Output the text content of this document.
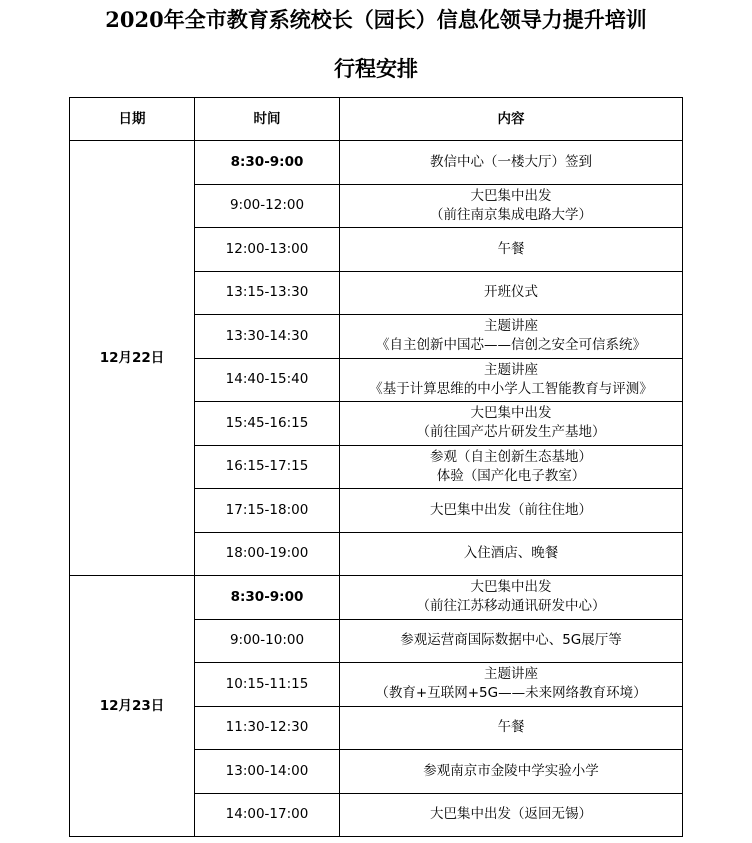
2020年全市教育系统校长（园长）信息化领导力提升培训
行程安排
日期	时间	内容
12月22日	8:30-9:00	教信中心（一楼大厅）签到

	9:00-12:00	大巴集中出发
（前往南京集成电路大学）

	12:00-13:00	午餐

	13:15-13:30	开班仪式

	13:30-14:30	主题讲座
《自主创新中国芯——信创之安全可信系统》

	14:40-15:40	主题讲座
《基于计算思维的中小学人工智能教育与评测》

	15:45-16:15	大巴集中出发
（前往国产芯片研发生产基地）

	16:15-17:15	参观（自主创新生态基地）
体验（国产化电子教室）

	17:15-18:00	大巴集中出发（前往住地）

	18:00-19:00	入住酒店、晚餐

12月23日	8:30-9:00	大巴集中出发
（前往江苏移动通讯研发中心）

	9:00-10:00	参观运营商国际数据中心、5G展厅等

	10:15-11:15	主题讲座
（教育+互联网+5G——未来网络教育环境）

	11:30-12:30	午餐

	13:00-14:00	参观南京市金陵中学实验小学

	14:00-17:00	大巴集中出发（返回无锡）
